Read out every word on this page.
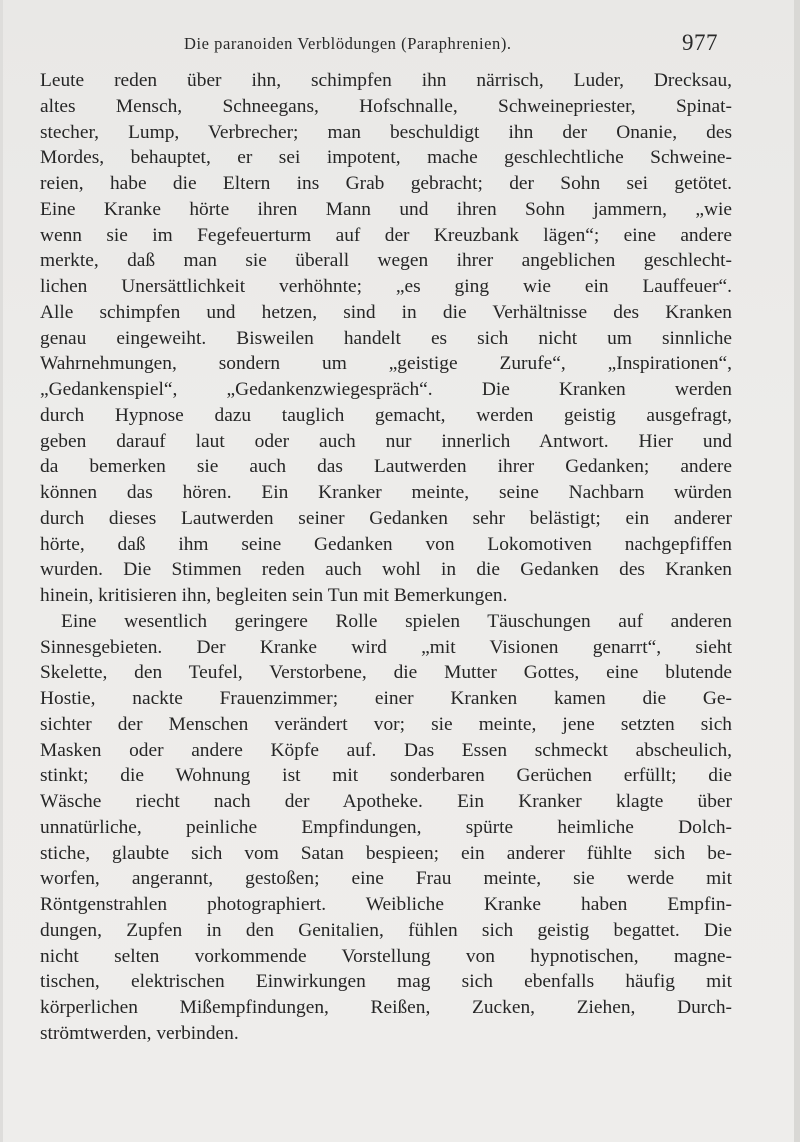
Die paranoiden Verblödungen (Paraphrenien).	977
Leute reden über ihn, schimpfen ihn närrisch, Luder, Drecksau,
altes Mensch, Schneegans, Hofschnalle, Schweinepriester, Spinat-
stecher, Lump, Verbrecher; man beschuldigt ihn der Onanie, des
Mordes, behauptet, er sei impotent, mache geschlechtliche Schweine-
reien, habe die Eltern ins Grab gebracht; der Sohn sei getötet.
Eine Kranke hörte ihren Mann und ihren Sohn jammern, „wie
wenn sie im Fegefeuerturm auf der Kreuzbank lägen“; eine andere
merkte, daß man sie überall wegen ihrer angeblichen geschlecht-
lichen Unersättlichkeit verhöhnte; „es ging wie ein Lauffeuer“.
Alle schimpfen und hetzen, sind in die Verhältnisse des Kranken
genau eingeweiht. Bisweilen handelt es sich nicht um sinnliche
Wahrnehmungen, sondern um „geistige Zurufe“, „Inspirationen“,
„Gedankenspiel“, „Gedankenzwiegespräch“. Die Kranken werden
durch Hypnose dazu tauglich gemacht, werden geistig ausgefragt,
geben darauf laut oder auch nur innerlich Antwort. Hier und
da bemerken sie auch das Lautwerden ihrer Gedanken; andere
können das hören. Ein Kranker meinte, seine Nachbarn würden
durch dieses Lautwerden seiner Gedanken sehr belästigt; ein anderer
hörte, daß ihm seine Gedanken von Lokomotiven nachgepfiffen
wurden. Die Stimmen reden auch wohl in die Gedanken des Kranken
hinein, kritisieren ihn, begleiten sein Tun mit Bemerkungen.
Eine wesentlich geringere Rolle spielen Täuschungen auf anderen
Sinnesgebieten. Der Kranke wird „mit Visionen genarrt“, sieht
Skelette, den Teufel, Verstorbene, die Mutter Gottes, eine blutende
Hostie, nackte Frauenzimmer; einer Kranken kamen die Ge-
sichter der Menschen verändert vor; sie meinte, jene setzten sich
Masken oder andere Köpfe auf. Das Essen schmeckt abscheulich,
stinkt; die Wohnung ist mit sonderbaren Gerüchen erfüllt; die
Wäsche riecht nach der Apotheke. Ein Kranker klagte über
unnatürliche, peinliche Empfindungen, spürte heimliche Dolch-
stiche, glaubte sich vom Satan bespieen; ein anderer fühlte sich be-
worfen, angerannt, gestoßen; eine Frau meinte, sie werde mit
Röntgenstrahlen photographiert. Weibliche Kranke haben Empfin-
dungen, Zupfen in den Genitalien, fühlen sich geistig begattet. Die
nicht selten vorkommende Vorstellung von hypnotischen, magne-
tischen, elektrischen Einwirkungen mag sich ebenfalls häufig mit
körperlichen Mißempfindungen, Reißen, Zucken, Ziehen, Durch-
strömtwerden, verbinden.
